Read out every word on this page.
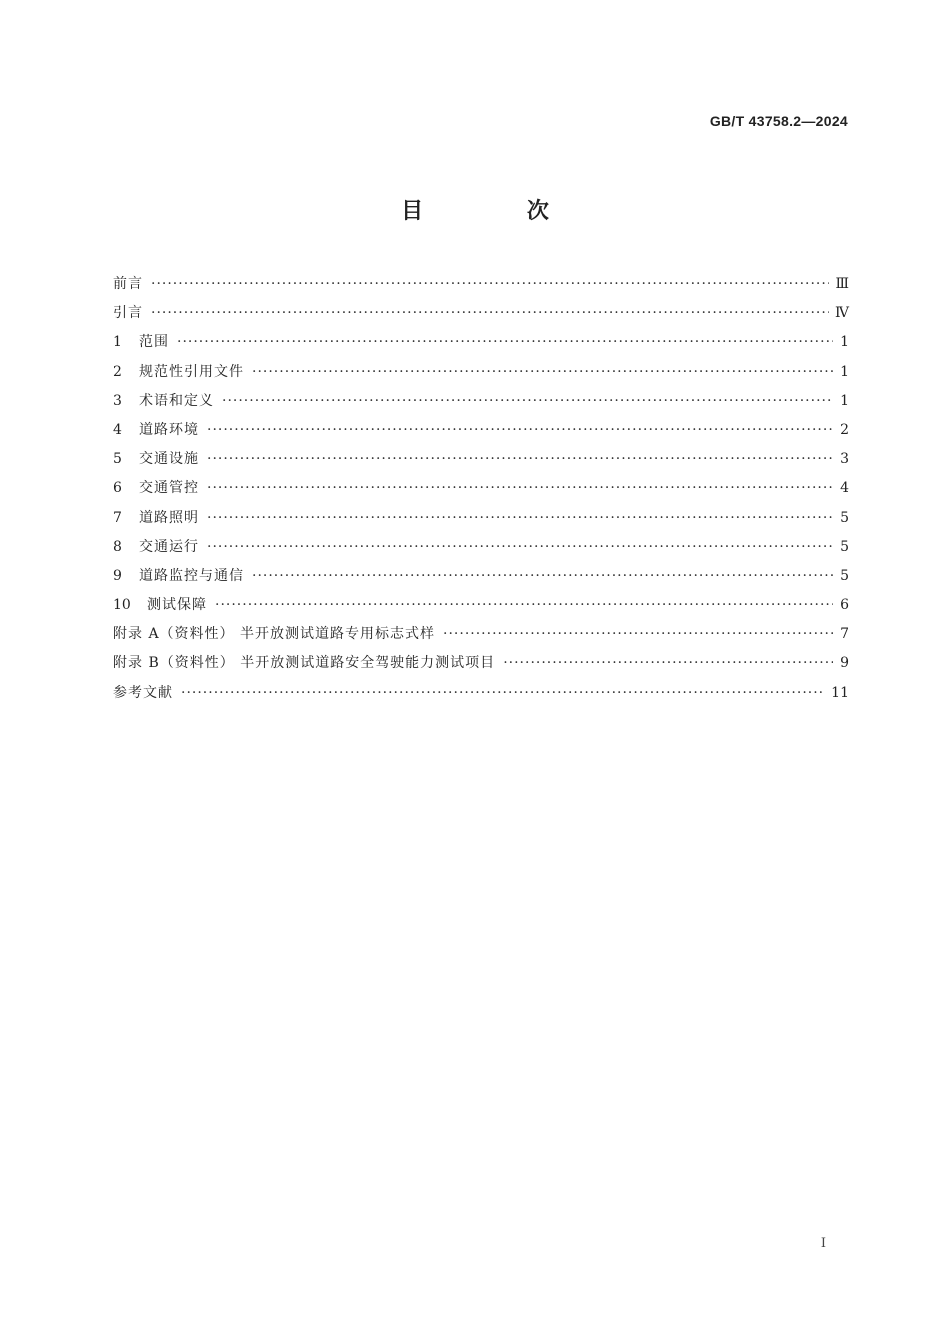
GB/T 43758.2—2024
目 次
前言 ·····	Ⅲ
引言 ·····	Ⅳ
1	范围 ·····	1
2	规范性引用文件 ·····	1
3	术语和定义 ·····	1
4	道路环境 ·····	2
5	交通设施 ·····	3
6	交通管控 ·····	4
7	道路照明 ·····	5
8	交通运行 ·····	5
9	道路监控与通信 ·····	5
10	测试保障 ·····	6
附录 A（资料性） 半开放测试道路专用标志式样 ·····	7
附录 B（资料性） 半开放测试道路安全驾驶能力测试项目 ·····	9
参考文献 ·····	11
Ⅰ
